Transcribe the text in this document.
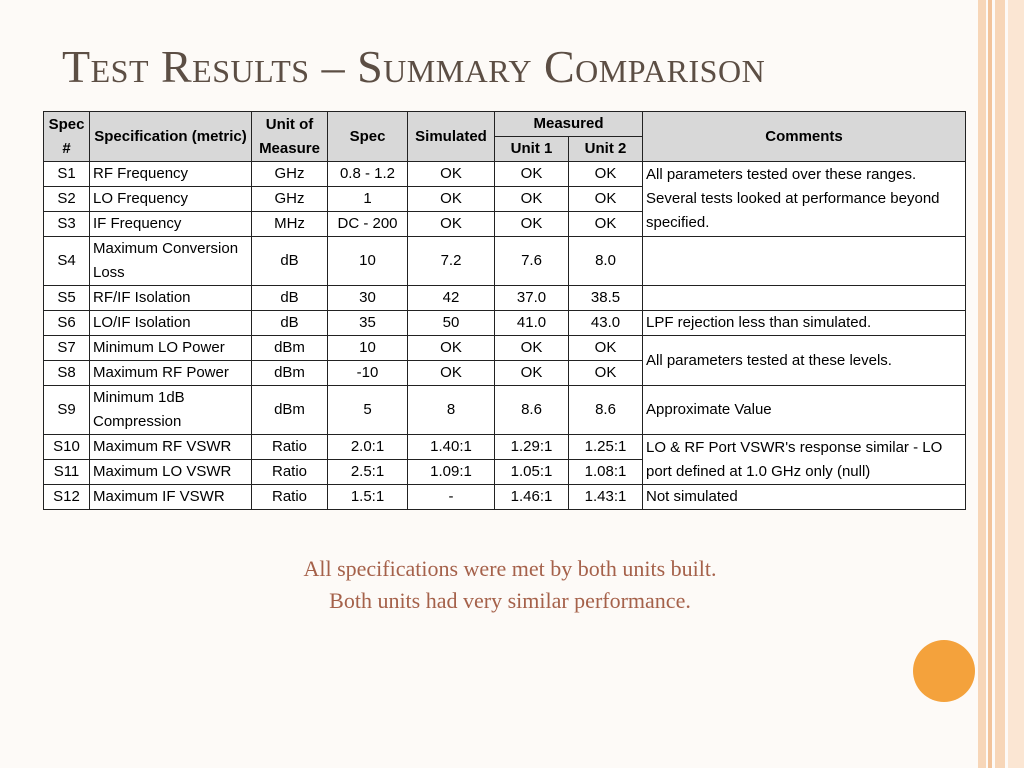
Test Results – Summary Comparison
Spec #	Specification (metric)	Unit of Measure	Spec	Simulated	Measured		Comments
					Unit 1	Unit 2	
S1	RF Frequency	GHz	0.8 - 1.2	OK	OK	OK	All parameters tested over these ranges. Several tests looked at performance beyond specified.
S2	LO Frequency	GHz	1	OK	OK	OK	
S3	IF Frequency	MHz	DC - 200	OK	OK	OK	
S4	Maximum Conversion Loss	dB	10	7.2	7.6	8.0	
S5	RF/IF Isolation	dB	30	42	37.0	38.5	
S6	LO/IF Isolation	dB	35	50	41.0	43.0	LPF rejection less than simulated.
S7	Minimum LO Power	dBm	10	OK	OK	OK	All parameters tested at these levels.
S8	Maximum RF Power	dBm	-10	OK	OK	OK	
S9	Minimum 1dB Compression	dBm	5	8	8.6	8.6	Approximate Value
S10	Maximum RF VSWR	Ratio	2.0:1	1.40:1	1.29:1	1.25:1	LO & RF Port VSWR's response similar - LO port defined at 1.0 GHz only (null)
S11	Maximum LO VSWR	Ratio	2.5:1	1.09:1	1.05:1	1.08:1	
S12	Maximum IF VSWR	Ratio	1.5:1	-	1.46:1	1.43:1	Not simulated
All specifications were met by both units built.
Both units had very similar performance.
